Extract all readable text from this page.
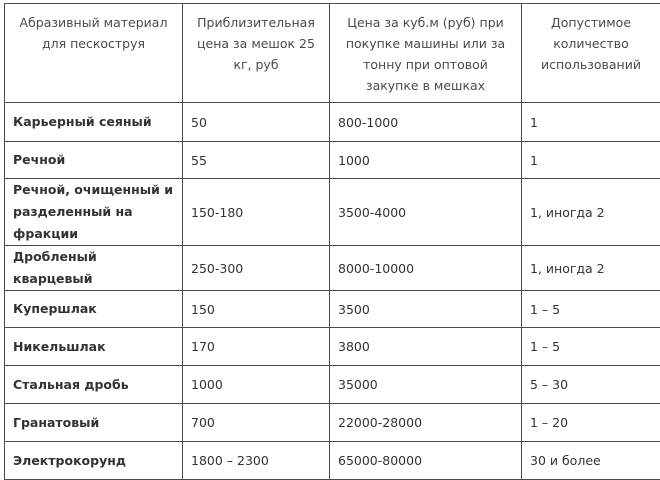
Абразивный материал для пескоструя	Приблизительная цена за мешок 25 кг, руб	Цена за куб.м (руб) при покупке машины или за тонну при оптовой закупке в мешках	Допустимое количество использований
Карьерный сеяный	50	800-1000	1
Речной	55	1000	1
Речной, очищенный и разделенный на фракции	150-180	3500-4000	1, иногда 2
Дробленый кварцевый	250-300	8000-10000	1, иногда 2
Купершлак	150	3500	1 – 5
Никельшлак	170	3800	1 – 5
Стальная дробь	1000	35000	5 – 30
Гранатовый	700	22000-28000	1 – 20
Электрокорунд	1800 – 2300	65000-80000	30 и более
